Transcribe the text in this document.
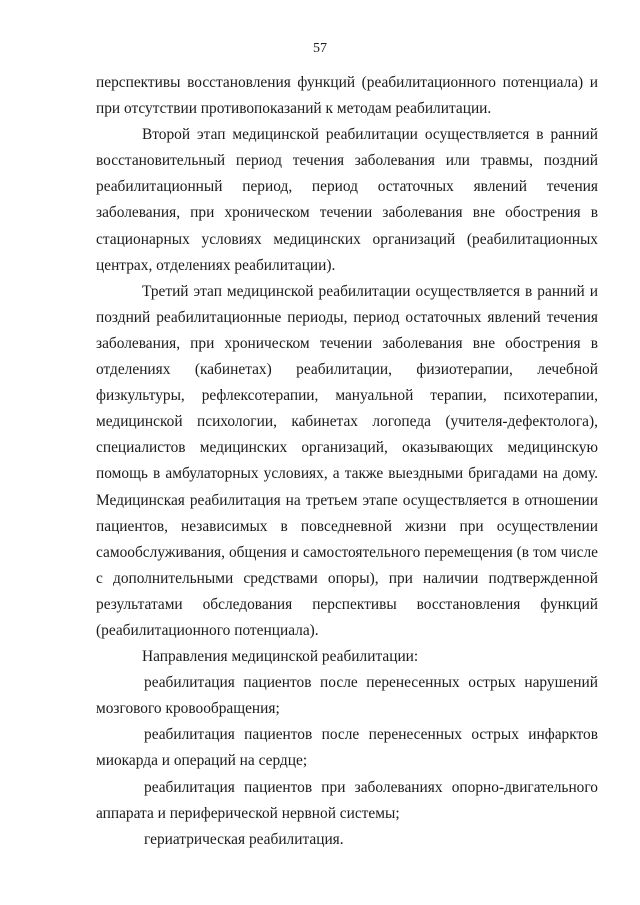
57

перспективы восстановления функций (реабилитационного потенциала) и при отсутствии противопоказаний к методам реабилитации.

Второй этап медицинской реабилитации осуществляется в ранний восстановительный период течения заболевания или травмы, поздний реабилитационный период, период остаточных явлений течения заболевания, при хроническом течении заболевания вне обострения в стационарных условиях медицинских организаций (реабилитационных центрах, отделениях реабилитации).

Третий этап медицинской реабилитации осуществляется в ранний и поздний реабилитационные периоды, период остаточных явлений течения заболевания, при хроническом течении заболевания вне обострения в отделениях (кабинетах) реабилитации, физиотерапии, лечебной физкультуры, рефлексотерапии, мануальной терапии, психотерапии, медицинской психологии, кабинетах логопеда (учителя-дефектолога), специалистов медицинских организаций, оказывающих медицинскую помощь в амбулаторных условиях, а также выездными бригадами на дому. Медицинская реабилитация на третьем этапе осуществляется в отношении пациентов, независимых в повседневной жизни при осуществлении самообслуживания, общения и самостоятельного перемещения (в том числе с дополнительными средствами опоры), при наличии подтвержденной результатами обследования перспективы восстановления функций (реабилитационного потенциала).

Направления медицинской реабилитации:

реабилитация пациентов после перенесенных острых нарушений мозгового кровообращения;

реабилитация пациентов после перенесенных острых инфарктов миокарда и операций на сердце;

реабилитация пациентов при заболеваниях опорно-двигательного аппарата и периферической нервной системы;

гериатрическая реабилитация.
